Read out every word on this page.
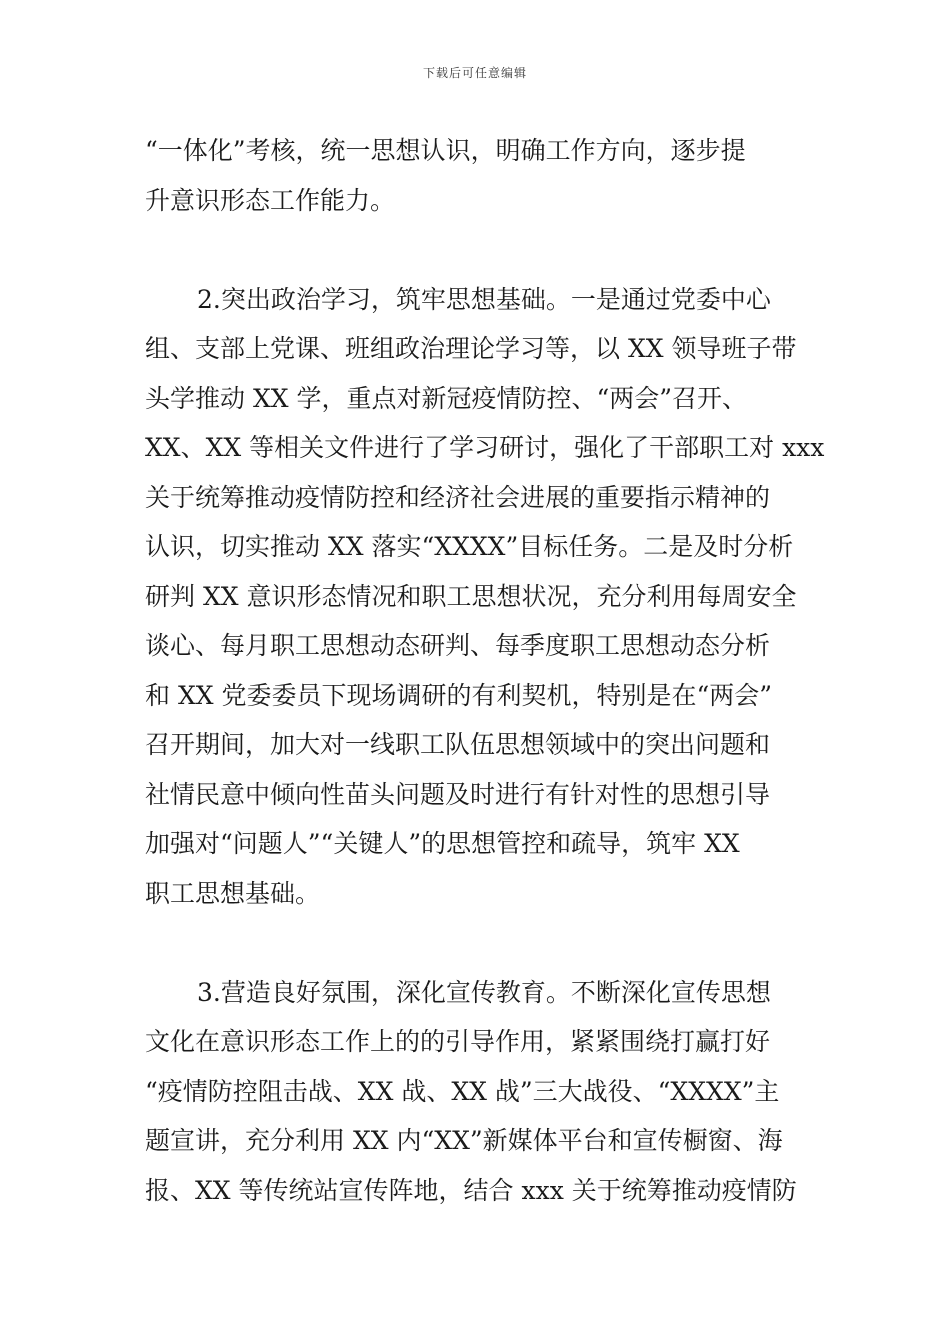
下载后可任意编辑
“一体化”考核，统一思想认识，明确工作方向，逐步提
升意识形态工作能力。
2.突出政治学习，筑牢思想基础。一是通过党委中心
组、支部上党课、班组政治理论学习等，以 XX 领导班子带
头学推动 XX 学，重点对新冠疫情防控、“两会”召开、
XX、XX 等相关文件进行了学习研讨，强化了干部职工对 xxx
关于统筹推动疫情防控和经济社会进展的重要指示精神的
认识，切实推动 XX 落实“XXXX”目标任务。二是及时分析
研判 XX 意识形态情况和职工思想状况，充分利用每周安全
谈心、每月职工思想动态研判、每季度职工思想动态分析
和 XX 党委委员下现场调研的有利契机，特别是在“两会”
召开期间，加大对一线职工队伍思想领域中的突出问题和
社情民意中倾向性苗头问题及时进行有针对性的思想引导
加强对“问题人”“关键人”的思想管控和疏导，筑牢 XX
职工思想基础。
3.营造良好氛围，深化宣传教育。不断深化宣传思想
文化在意识形态工作上的的引导作用，紧紧围绕打赢打好
“疫情防控阻击战、XX 战、XX 战”三大战役、“XXXX”主
题宣讲，充分利用 XX 内“XX”新媒体平台和宣传橱窗、海
报、XX 等传统站宣传阵地，结合 xxx 关于统筹推动疫情防
